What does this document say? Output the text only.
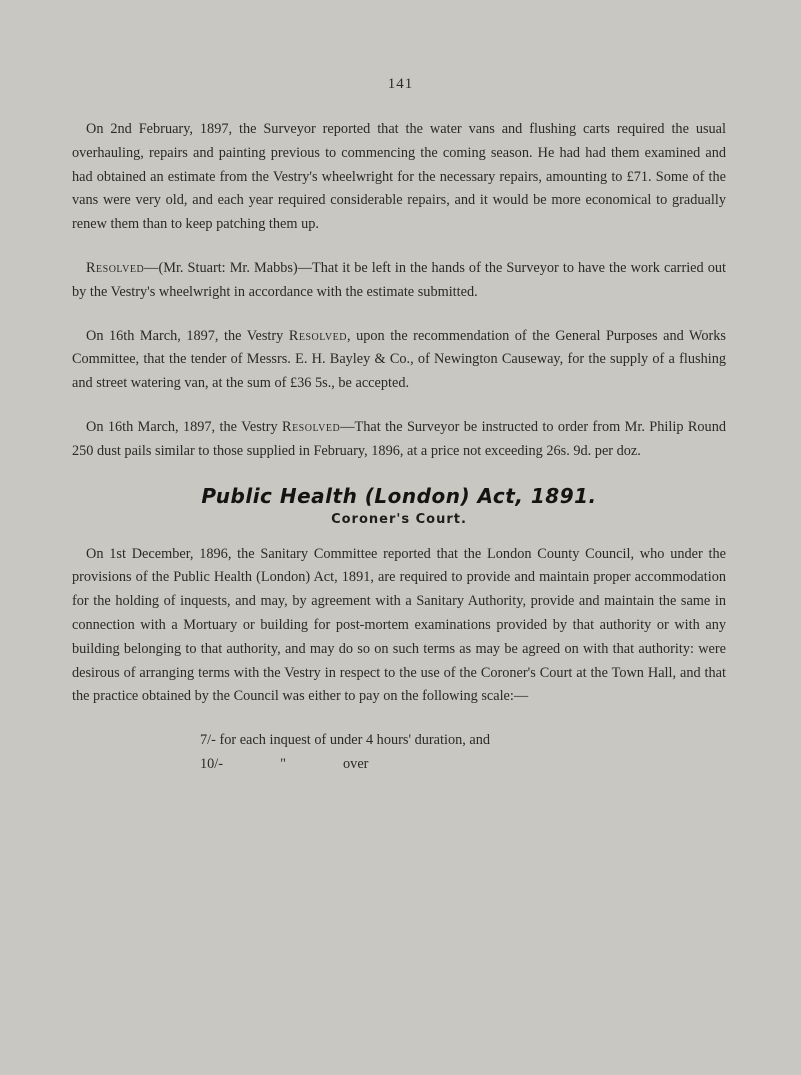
141

On 2nd February, 1897, the Surveyor reported that the water vans and flushing carts required the usual overhauling, repairs and painting previous to commencing the coming season. He had had them examined and had obtained an estimate from the Vestry's wheelwright for the necessary repairs, amounting to £71. Some of the vans were very old, and each year required considerable repairs, and it would be more economical to gradually renew them than to keep patching them up.

Resolved—(Mr. Stuart: Mr. Mabbs)—That it be left in the hands of the Surveyor to have the work carried out by the Vestry's wheelwright in accordance with the estimate submitted.

On 16th March, 1897, the Vestry Resolved, upon the recommendation of the General Purposes and Works Committee, that the tender of Messrs. E. H. Bayley & Co., of Newington Causeway, for the supply of a flushing and street watering van, at the sum of £36 5s., be accepted.

On 16th March, 1897, the Vestry Resolved—That the Surveyor be instructed to order from Mr. Philip Round 250 dust pails similar to those supplied in February, 1896, at a price not exceeding 26s. 9d. per doz.

Public Health (London) Act, 1891.
Coroner's Court.

On 1st December, 1896, the Sanitary Committee reported that the London County Council, who under the provisions of the Public Health (London) Act, 1891, are required to provide and maintain proper accommodation for the holding of inquests, and may, by agreement with a Sanitary Authority, provide and maintain the same in connection with a Mortuary or building for post-mortem examinations provided by that authority or with any building belonging to that authority, and may do so on such terms as may be agreed on with that authority: were desirous of arranging terms with the Vestry in respect to the use of the Coroner's Court at the Town Hall, and that the practice obtained by the Council was either to pay on the following scale:—

7/- for each inquest of under 4 hours' duration, and
10/-	"	over
